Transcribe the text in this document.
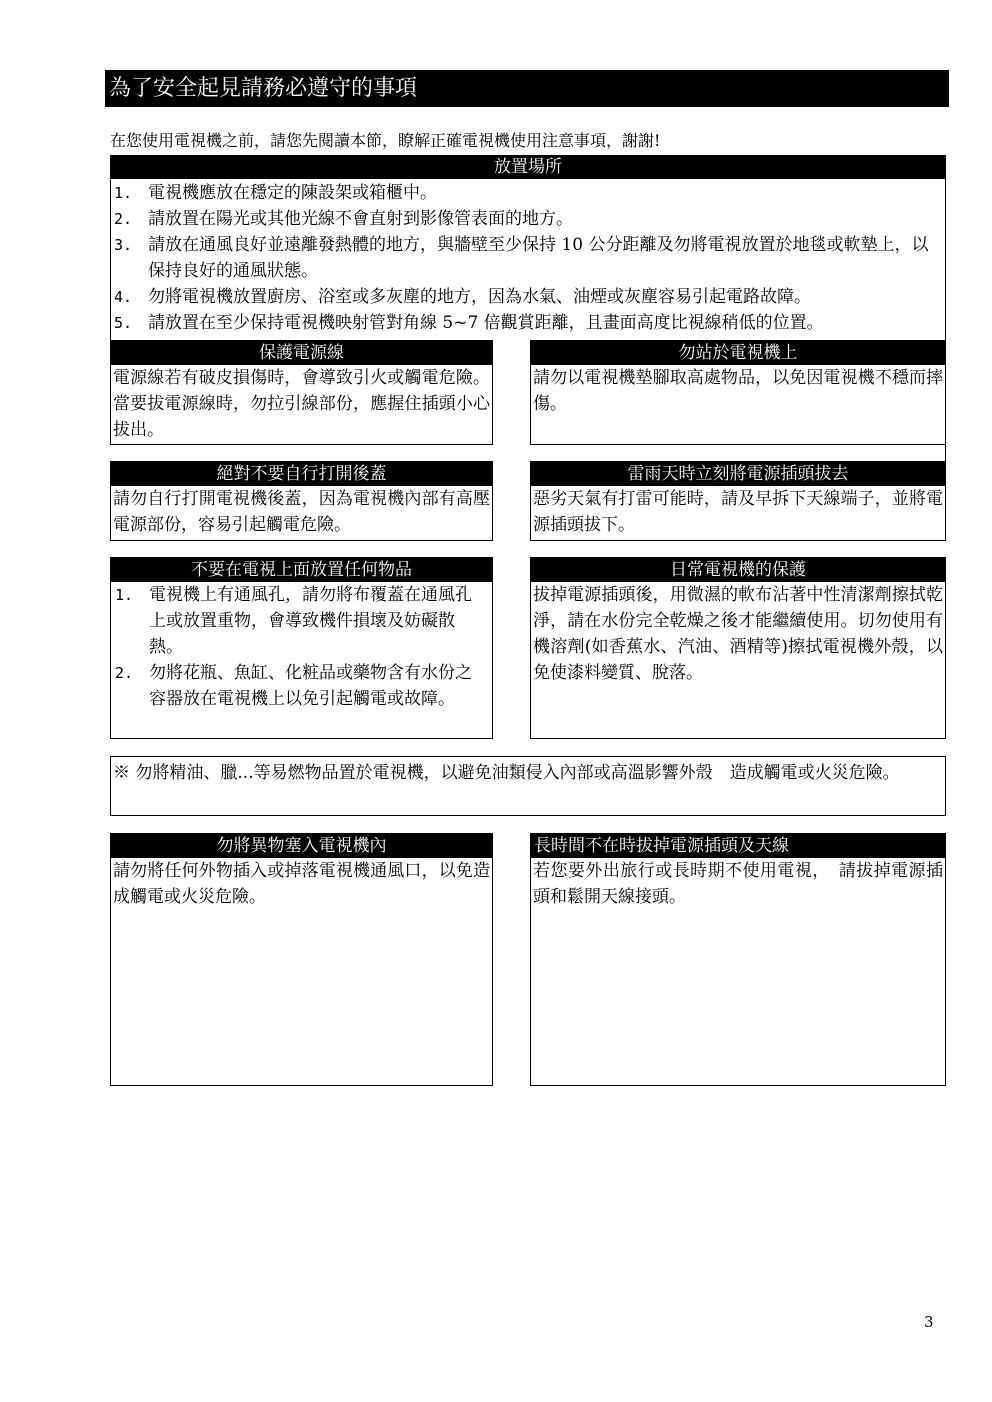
為了安全起見請務必遵守的事項
在您使用電視機之前，請您先閱讀本節，瞭解正確電視機使用注意事項，謝謝!
放置場所
1. 電視機應放在穩定的陳設架或箱櫃中。
2. 請放置在陽光或其他光線不會直射到影像管表面的地方。
3. 請放在通風良好並遠離發熱體的地方，與牆壁至少保持 10 公分距離及勿將電視放置於地毯或軟墊上，以保持良好的通風狀態。
4. 勿將電視機放置廚房、浴室或多灰塵的地方，因為水氣、油煙或灰塵容易引起電路故障。
5. 請放置在至少保持電視機映射管對角線 5~7 倍觀賞距離，且畫面高度比視線稍低的位置。
保護電源線
電源線若有破皮損傷時，會導致引火或觸電危險。當要拔電源線時，勿拉引線部份，應握住插頭小心拔出。
勿站於電視機上
請勿以電視機墊腳取高處物品，以免因電視機不穩而摔傷。
絕對不要自行打開後蓋
請勿自行打開電視機後蓋，因為電視機內部有高壓電源部份，容易引起觸電危險。
雷雨天時立刻將電源插頭拔去
惡劣天氣有打雷可能時，請及早拆下天線端子，並將電源插頭拔下。
不要在電視上面放置任何物品
1. 電視機上有通風孔，請勿將布覆蓋在通風孔上或放置重物，會導致機件損壞及妨礙散熱。
2. 勿將花瓶、魚缸、化粧品或藥物含有水份之容器放在電視機上以免引起觸電或故障。
日常電視機的保護
拔掉電源插頭後，用微濕的軟布沾著中性清潔劑擦拭乾淨，請在水份完全乾燥之後才能繼續使用。切勿使用有機溶劑(如香蕉水、汽油、酒精等)擦拭電視機外殼，以免使漆料變質、脫落。
※ 勿將精油、臘...等易燃物品置於電視機，以避免油類侵入內部或高溫影響外殼　造成觸電或火災危險。
勿將異物塞入電視機內
請勿將任何外物插入或掉落電視機通風口，以免造成觸電或火災危險。
長時間不在時拔掉電源插頭及天線
若您要外出旅行或長時期不使用電視，　請拔掉電源插頭和鬆開天線接頭。
3
